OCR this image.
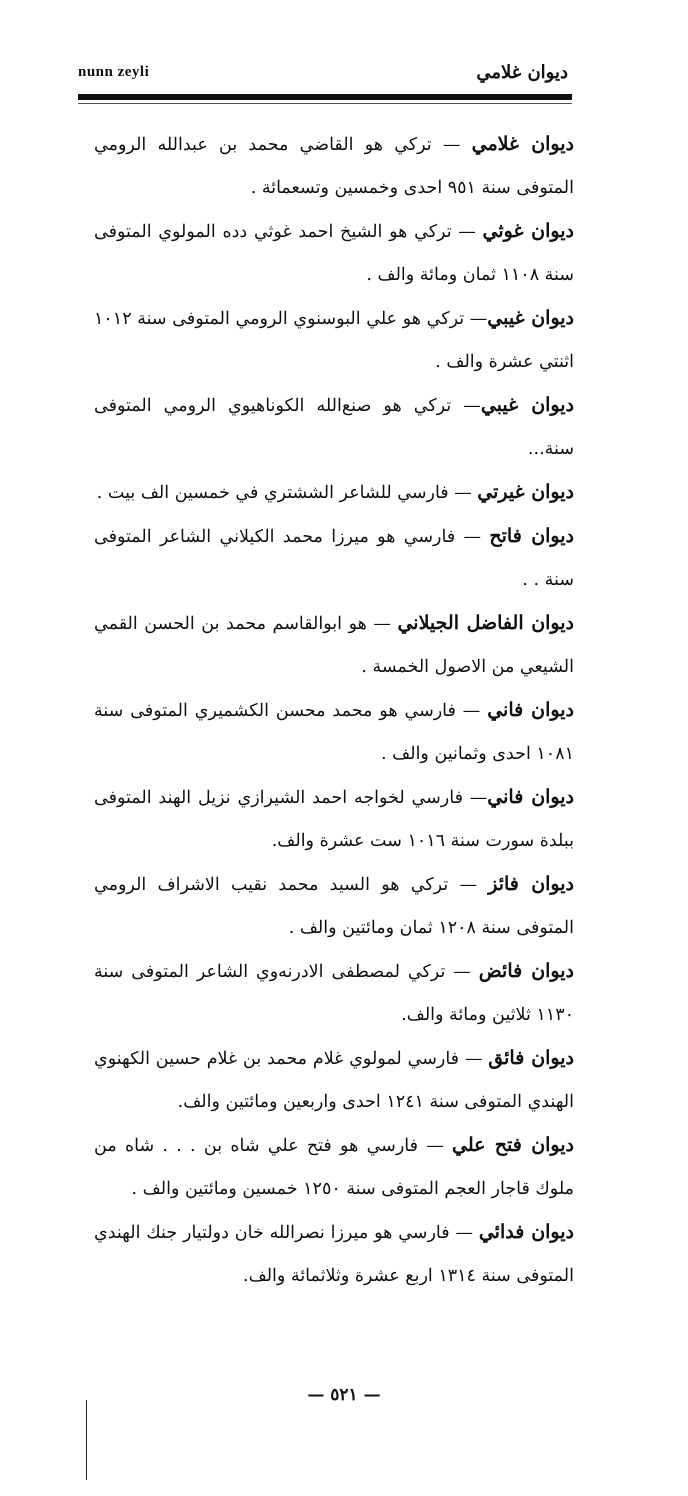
nunn zeyli	ديوان غلامي

ديوان غلامي — تركي هو القاضي محمد بن عبدالله الرومي المتوفى سنة ٩٥١ احدى وخمسين وتسعمائة .

ديوان غوثي — تركي هو الشيخ احمد غوثي دده المولوي المتوفى سنة ١١٠٨ ثمان ومائة والف .

ديوان غيبي— تركي هو علي البوسنوي الرومي المتوفى سنة ١٠١٢ اثنتي عشرة والف .

ديوان غيبي— تركي هو صنع‌الله الكوناهيوي الرومي المتوفى سنة...

ديوان غيرتي — فارسي للشاعر الششتري في خمسين الف بيت .

ديوان فاتح — فارسي هو ميرزا محمد الكيلاني الشاعر المتوفى سنة . .

ديوان الفاضل الجيلاني — هو ابوالقاسم محمد بن الحسن القمي الشيعي من الاصول الخمسة .

ديوان فاني — فارسي هو محمد محسن الكشميري المتوفى سنة ١٠٨١ احدى وثمانين والف .

ديوان فاني— فارسي لخواجه احمد الشيرازي نزيل الهند المتوفى ببلدة سورت سنة ١٠١٦ ست عشرة والف.

ديوان فائز — تركي هو السيد محمد نقيب الاشراف الرومي المتوفى سنة ١٢٠٨ ثمان ومائتين والف .

ديوان فائض — تركي لمصطفى الادرنه‌وي الشاعر المتوفى سنة ١١٣٠ ثلاثين ومائة والف.

ديوان فائق — فارسي لمولوي غلام محمد بن غلام حسين الكهنوي الهندي المتوفى سنة ١٢٤١ احدى واربعين ومائتين والف.

ديوان فتح علي — فارسي هو فتح علي شاه بن . . . شاه من ملوك قاجار العجم المتوفى سنة ١٢٥٠ خمسين ومائتين والف .

ديوان فدائي — فارسي هو ميرزا نصرالله خان دولتيار جنك الهندي المتوفى سنة ١٣١٤ اربع عشرة وثلاثمائة والف.

— ٥٢١ —
